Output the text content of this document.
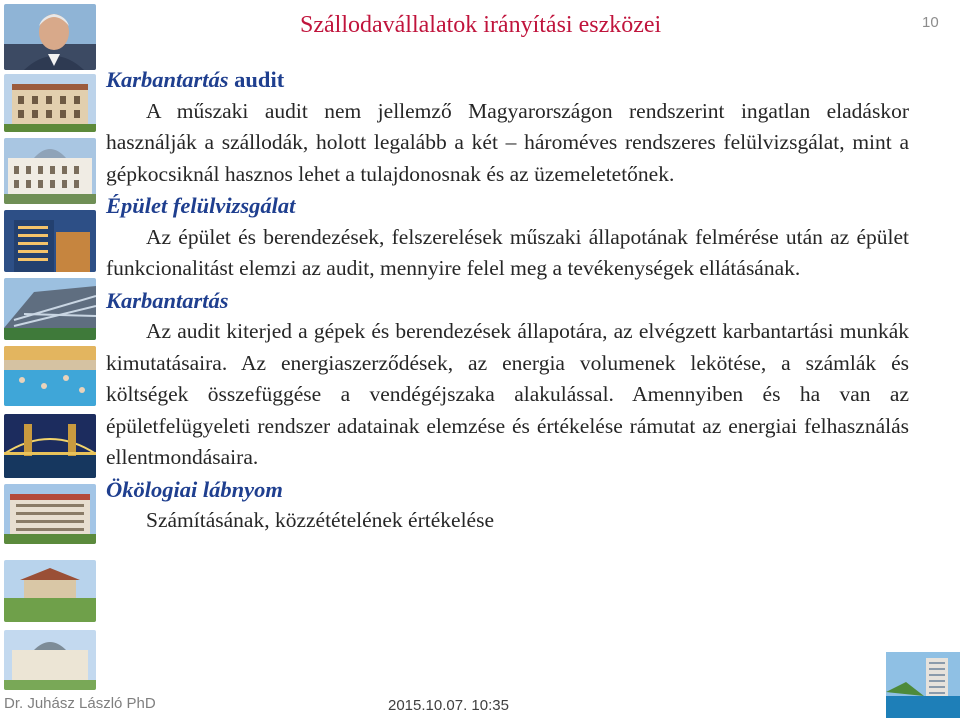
Szállodavállalatok irányítási eszközei	10

Karbantartás audit

A műszaki audit nem jellemző Magyarországon rendszerint ingatlan eladáskor használják a szállodák, holott legalább a két – hároméves rendszeres felülvizsgálat, mint a gépkocsiknál hasznos lehet a tulajdonosnak és az üzemeletetőnek.

Épület felülvizsgálat

Az épület és berendezések, felszerelések műszaki állapotának felmérése után az épület funkcionalitást elemzi az audit, mennyire felel meg a tevékenységek ellátásának.

Karbantartás

Az audit kiterjed a gépek és berendezések állapotára, az elvégzett karbantartási munkák kimutatásaira. Az energiaszerződések, az energia volumenek lekötése, a számlák és költségek összefüggése a vendégéjszaka alakulással. Amennyiben és ha van az épületfelügyeleti rendszer adatainak elemzése és értékelése rámutat az energiai felhasználás ellentmondásaira.

Ökölogiai lábnyom

Számításának, közzétételének értékelése

Dr. Juhász László PhD	2015.10.07. 10:35
